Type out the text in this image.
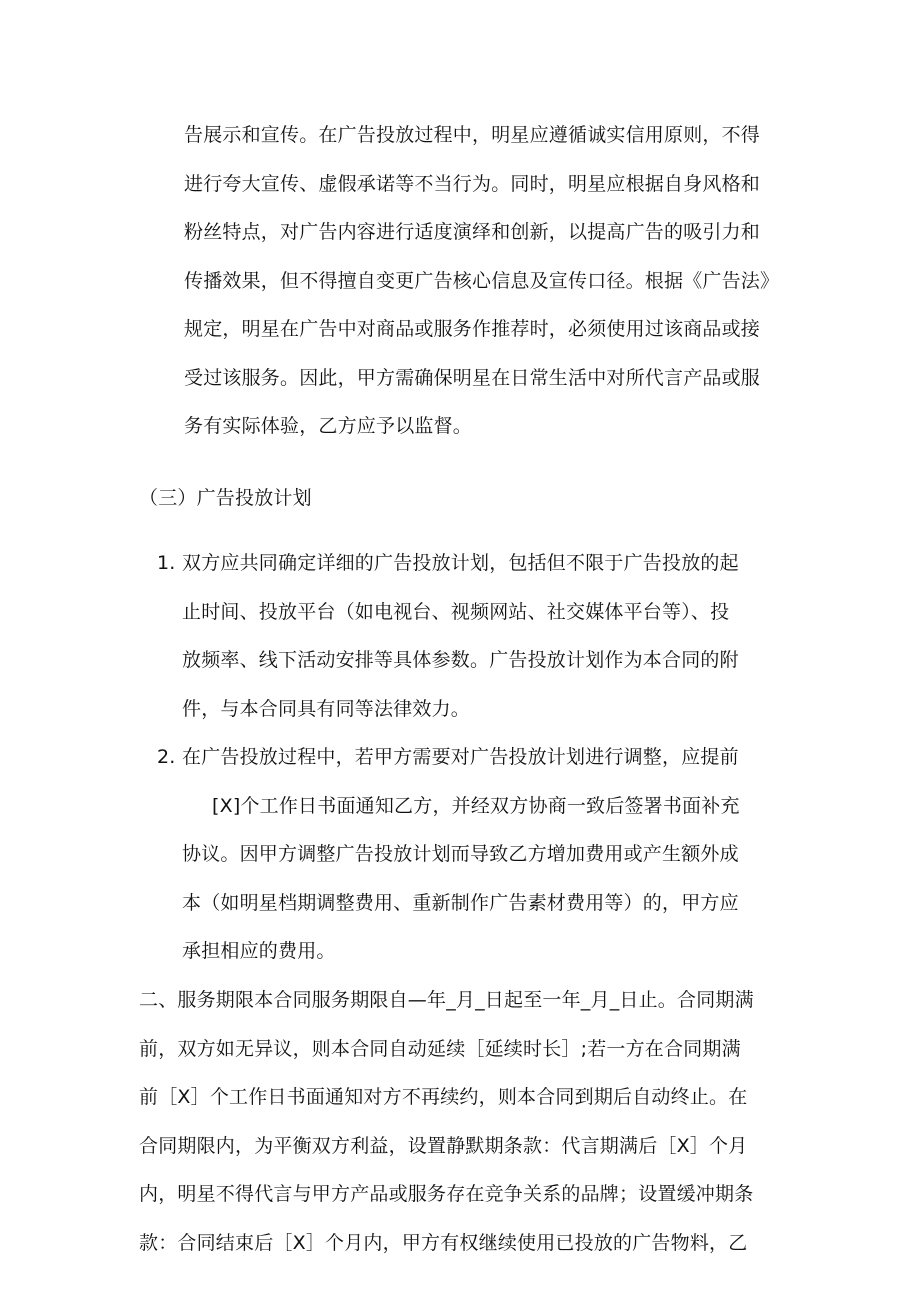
告展示和宣传。在广告投放过程中，明星应遵循诚实信用原则，不得
进行夸大宣传、虚假承诺等不当行为。同时，明星应根据自身风格和
粉丝特点，对广告内容进行适度演绎和创新，以提高广告的吸引力和
传播效果，但不得擅自变更广告核心信息及宣传口径。根据《广告法》
规定，明星在广告中对商品或服务作推荐时，必须使用过该商品或接
受过该服务。因此，甲方需确保明星在日常生活中对所代言产品或服
务有实际体验，乙方应予以监督。
（三）广告投放计划
1. 双方应共同确定详细的广告投放计划，包括但不限于广告投放的起
止时间、投放平台（如电视台、视频网站、社交媒体平台等）、投
放频率、线下活动安排等具体参数。广告投放计划作为本合同的附
件，与本合同具有同等法律效力。
2. 在广告投放过程中，若甲方需要对广告投放计划进行调整，应提前
[X]个工作日书面通知乙方，并经双方协商一致后签署书面补充
协议。因甲方调整广告投放计划而导致乙方增加费用或产生额外成
本（如明星档期调整费用、重新制作广告素材费用等）的，甲方应
承担相应的费用。
二、服务期限本合同服务期限自—年_月_日起至一年_月_日止。合同期满
前，双方如无异议，则本合同自动延续［延续时长］;若一方在合同期满
前［X］个工作日书面通知对方不再续约，则本合同到期后自动终止。在
合同期限内，为平衡双方利益，设置静默期条款：代言期满后［X］个月
内，明星不得代言与甲方产品或服务存在竞争关系的品牌；设置缓冲期条
款：合同结束后［X］个月内，甲方有权继续使用已投放的广告物料，乙
